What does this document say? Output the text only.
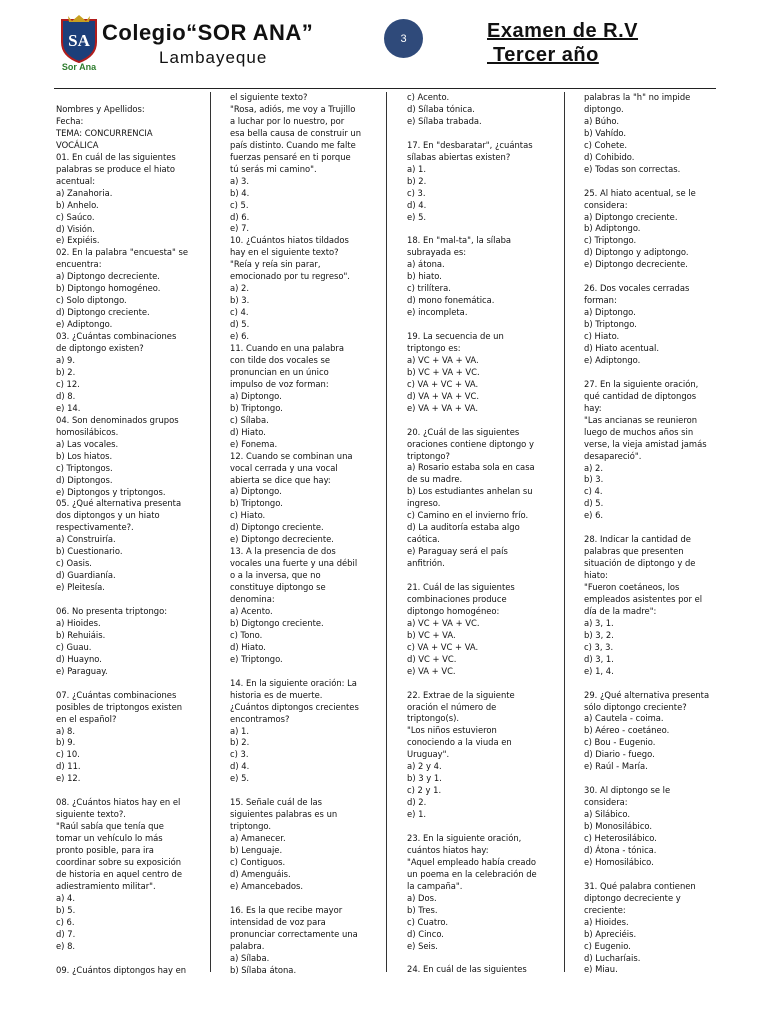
SA
Sor Ana
Colegio“SOR ANA”
Lambayeque
3	Examen de R.V
Tercer año
Nombres y Apellidos:
Fecha:
TEMA: CONCURRENCIA
VOCÁLICA
01. En cuál de las siguientes
palabras se produce el hiato
acentual:
a) Zanahoria.
b) Anhelo.
c) Saúco.
d) Visión.
e) Expiéis.
02. En la palabra "encuesta" se
encuentra:
a) Diptongo decreciente.
b) Diptongo homogéneo.
c) Solo diptongo.
d) Diptongo creciente.
e) Adiptongo.
03. ¿Cuántas combinaciones
de diptongo existen?
a) 9.
b) 2.
c) 12.
d) 8.
e) 14.
04. Son denominados grupos
homosilábicos.
a) Las vocales.
b) Los hiatos.
c) Triptongos.
d) Diptongos.
e) Diptongos y triptongos.
05. ¿Qué alternativa presenta
dos diptongos y un hiato
respectivamente?.
a) Construiría.
b) Cuestionario.
c) Oasis.
d) Guardianía.
e) Pleitesía.
06. No presenta triptongo:
a) Hioides.
b) Rehuiáis.
c) Guau.
d) Huayno.
e) Paraguay.
07. ¿Cuántas combinaciones
posibles de triptongos existen
en el español?
a) 8.
b) 9.
c) 10.
d) 11.
e) 12.
08. ¿Cuántos hiatos hay en el
siguiente texto?.
"Raúl sabía que tenía que
tomar un vehículo lo más
pronto posible, para ira
coordinar sobre su exposición
de historia en aquel centro de
adiestramiento militar".
a) 4.
b) 5.
c) 6.
d) 7.
e) 8.
09. ¿Cuántos diptongos hay en
el siguiente texto?
"Rosa, adiós, me voy a Trujillo
a luchar por lo nuestro, por
esa bella causa de construir un
país distinto. Cuando me falte
fuerzas pensaré en ti porque
tú serás mi camino".
a) 3.
b) 4.
c) 5.
d) 6.
e) 7.
10. ¿Cuántos hiatos tildados
hay en el siguiente texto?
"Reía y reía sin parar,
emocionado por tu regreso".
a) 2.
b) 3.
c) 4.
d) 5.
e) 6.
11. Cuando en una palabra
con tilde dos vocales se
pronuncian en un único
impulso de voz forman:
a) Diptongo.
b) Triptongo.
c) Sílaba.
d) Hiato.
e) Fonema.
12. Cuando se combinan una
vocal cerrada y una vocal
abierta se dice que hay:
a) Diptongo.
b) Triptongo.
c) Hiato.
d) Diptongo creciente.
e) Diptongo decreciente.
13. A la presencia de dos
vocales una fuerte y una débil
o a la inversa, que no
constituye diptongo se
denomina:
a) Acento.
b) Digtongo creciente.
c) Tono.
d) Hiato.
e) Triptongo.
14. En la siguiente oración: La
historia es de muerte.
¿Cuántos diptongos crecientes
encontramos?
a) 1.
b) 2.
c) 3.
d) 4.
e) 5.
15. Señale cuál de las
siguientes palabras es un
triptongo.
a) Amanecer.
b) Lenguaje.
c) Contiguos.
d) Amenguáis.
e) Amancebados.
16. Es la que recibe mayor
intensidad de voz para
pronunciar correctamente una
palabra.
a) Sílaba.
b) Sílaba átona.
c) Acento.
d) Sílaba tónica.
e) Sílaba trabada.
17. En "desbaratar", ¿cuántas
sílabas abiertas existen?
a) 1.
b) 2.
c) 3.
d) 4.
e) 5.
18. En "mal-ta", la sílaba
subrayada es:
a) átona.
b) hiato.
c) trilítera.
d) mono fonemática.
e) incompleta.
19. La secuencia de un
triptongo es:
a) VC + VA + VA.
b) VC + VA + VC.
c) VA + VC + VA.
d) VA + VA + VC.
e) VA + VA + VA.
20. ¿Cuál de las siguientes
oraciones contiene diptongo y
triptongo?
a) Rosario estaba sola en casa
de su madre.
b) Los estudiantes anhelan su
ingreso.
c) Camino en el invierno frío.
d) La auditoría estaba algo
caótica.
e) Paraguay será el país
anfitrión.
21. Cuál de las siguientes
combinaciones produce
diptongo homogéneo:
a) VC + VA + VC.
b) VC + VA.
c) VA + VC + VA.
d) VC + VC.
e) VA + VC.
22. Extrae de la siguiente
oración el número de
triptongo(s).
"Los niños estuvieron
conociendo a la viuda en
Uruguay".
a) 2 y 4.
b) 3 y 1.
c) 2 y 1.
d) 2.
e) 1.
23. En la siguiente oración,
cuántos hiatos hay:
"Aquel empleado había creado
un poema en la celebración de
la campaña".
a) Dos.
b) Tres.
c) Cuatro.
d) Cinco.
e) Seis.
24. En cuál de las siguientes
palabras la "h" no impide
diptongo.
a) Búho.
b) Vahído.
c) Cohete.
d) Cohibido.
e) Todas son correctas.
25. Al hiato acentual, se le
considera:
a) Diptongo creciente.
b) Adiptongo.
c) Triptongo.
d) Diptongo y adiptongo.
e) Diptongo decreciente.
26. Dos vocales cerradas
forman:
a) Diptongo.
b) Triptongo.
c) Hiato.
d) Hiato acentual.
e) Adiptongo.
27. En la siguiente oración,
qué cantidad de diptongos
hay:
"Las ancianas se reunieron
luego de muchos años sin
verse, la vieja amistad jamás
desapareció".
a) 2.
b) 3.
c) 4.
d) 5.
e) 6.
28. Indicar la cantidad de
palabras que presenten
situación de diptongo y de
hiato:
"Fueron coetáneos, los
empleados asistentes por el
día de la madre":
a) 3, 1.
b) 3, 2.
c) 3, 3.
d) 3, 1.
e) 1, 4.
29. ¿Qué alternativa presenta
sólo diptongo creciente?
a) Cautela - coima.
b) Aéreo - coetáneo.
c) Bou - Eugenio.
d) Diario - fuego.
e) Raúl - María.
30. Al diptongo se le
considera:
a) Silábico.
b) Monosilábico.
c) Heterosilábico.
d) Átona - tónica.
e) Homosilábico.
31. Qué palabra contienen
diptongo decreciente y
creciente:
a) Hioides.
b) Apreciéis.
c) Eugenio.
d) Lucharíais.
e) Miau.
